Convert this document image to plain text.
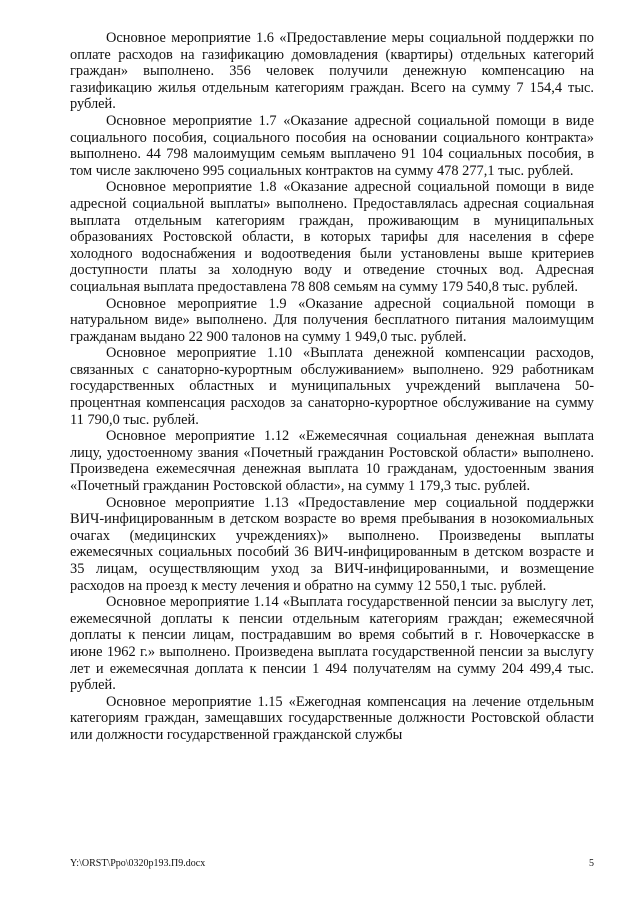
Основное мероприятие 1.6 «Предоставление меры социальной поддержки по оплате расходов на газификацию домовладения (квартиры) отдельных категорий граждан» выполнено. 356 человек получили денежную компенсацию на газификацию жилья отдельным категориям граждан. Всего на сумму 7 154,4 тыс. рублей.

Основное мероприятие 1.7 «Оказание адресной социальной помощи в виде социального пособия, социального пособия на основании социального контракта» выполнено. 44 798 малоимущим семьям выплачено 91 104 социальных пособия, в том числе заключено 995 социальных контрактов на сумму 478 277,1 тыс. рублей.

Основное мероприятие 1.8 «Оказание адресной социальной помощи в виде адресной социальной выплаты» выполнено. Предоставлялась адресная социальная выплата отдельным категориям граждан, проживающим в муниципальных образованиях Ростовской области, в которых тарифы для населения в сфере холодного водоснабжения и водоотведения были установлены выше критериев доступности платы за холодную воду и отведение сточных вод. Адресная социальная выплата предоставлена 78 808 семьям на сумму 179 540,8 тыс. рублей.

Основное мероприятие 1.9 «Оказание адресной социальной помощи в натуральном виде» выполнено. Для получения бесплатного питания малоимущим гражданам выдано 22 900 талонов на сумму 1 949,0 тыс. рублей.

Основное мероприятие 1.10 «Выплата денежной компенсации расходов, связанных с санаторно-курортным обслуживанием» выполнено. 929 работникам государственных областных и муниципальных учреждений выплачена 50-процентная компенсация расходов за санаторно-курортное обслуживание на сумму 11 790,0 тыс. рублей.

Основное мероприятие 1.12 «Ежемесячная социальная денежная выплата лицу, удостоенному звания «Почетный гражданин Ростовской области» выполнено. Произведена ежемесячная денежная выплата 10 гражданам, удостоенным звания «Почетный гражданин Ростовской области», на сумму 1 179,3 тыс. рублей.

Основное мероприятие 1.13 «Предоставление мер социальной поддержки ВИЧ-инфицированным в детском возрасте во время пребывания в нозокомиальных очагах (медицинских учреждениях)» выполнено. Произведены выплаты ежемесячных социальных пособий 36 ВИЧ-инфицированным в детском возрасте и 35 лицам, осуществляющим уход за ВИЧ-инфицированными, и возмещение расходов на проезд к месту лечения и обратно на сумму 12 550,1 тыс. рублей.

Основное мероприятие 1.14 «Выплата государственной пенсии за выслугу лет, ежемесячной доплаты к пенсии отдельным категориям граждан; ежемесячной доплаты к пенсии лицам, пострадавшим во время событий в г. Новочеркасске в июне 1962 г.» выполнено. Произведена выплата государственной пенсии за выслугу лет и ежемесячная доплата к пенсии 1 494 получателям на сумму 204 499,4 тыс. рублей.

Основное мероприятие 1.15 «Ежегодная компенсация на лечение отдельным категориям граждан, замещавших государственные должности Ростовской области или должности государственной гражданской службы

Y:\ORST\Ppo\0320p193.П9.docx	5
